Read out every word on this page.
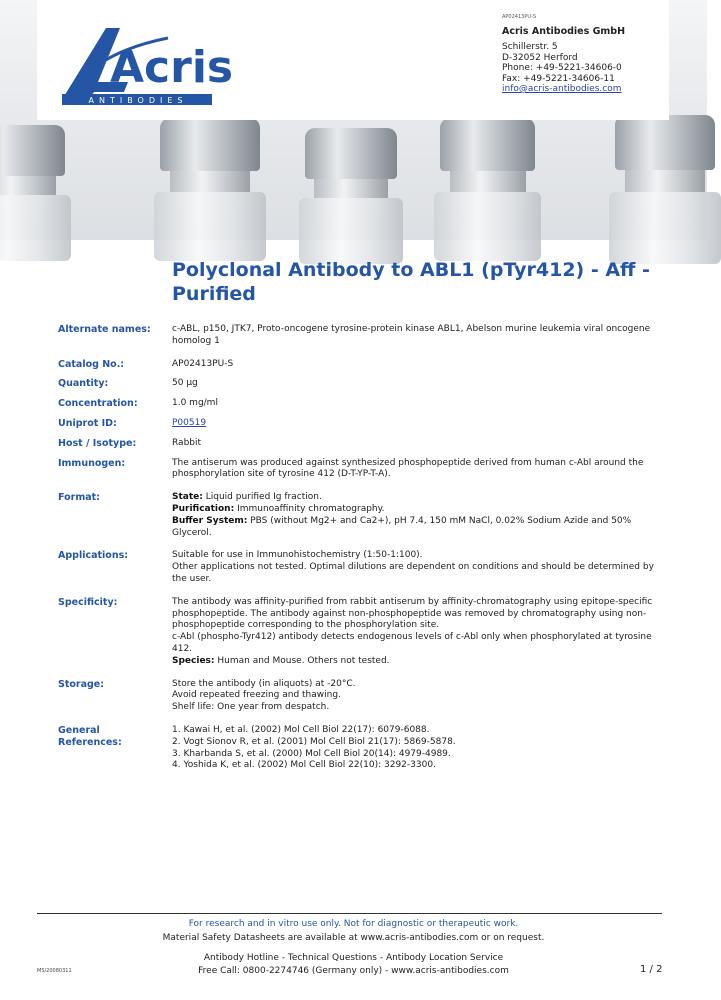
Acris
ANTIBODIES
AP02413PU-S
Acris Antibodies GmbH
Schillerstr. 5
D-32052 Herford
Phone: +49-5221-34606-0
Fax: +49-5221-34606-11
info@acris-antibodies.com
Polyclonal Antibody to ABL1 (pTyr412) - Aff - Purified
Alternate names:	c-ABL, p150, JTK7, Proto-oncogene tyrosine-protein kinase ABL1, Abelson murine leukemia viral oncogene homolog 1
Catalog No.:	AP02413PU-S
Quantity:	50 µg
Concentration:	1.0 mg/ml
Uniprot ID:	P00519
Host / Isotype:	Rabbit
Immunogen:	The antiserum was produced against synthesized phosphopeptide derived from human c-Abl around the phosphorylation site of tyrosine 412 (D-T-YP-T-A).
Format:	State: Liquid purified Ig fraction.
Purification: Immunoaffinity chromatography.
Buffer System: PBS (without Mg2+ and Ca2+), pH 7.4, 150 mM NaCl, 0.02% Sodium Azide and 50% Glycerol.
Applications:	Suitable for use in Immunohistochemistry (1:50-1:100).
Other applications not tested. Optimal dilutions are dependent on conditions and should be determined by the user.
Specificity:	The antibody was affinity-purified from rabbit antiserum by affinity-chromatography using epitope-specific phosphopeptide. The antibody against non-phosphopeptide was removed by chromatography using non-phosphopeptide corresponding to the phosphorylation site.
c-Abl (phospho-Tyr412) antibody detects endogenous levels of c-Abl only when phosphorylated at tyrosine 412.
Species: Human and Mouse. Others not tested.
Storage:	Store the antibody (in aliquots) at -20°C.
Avoid repeated freezing and thawing.
Shelf life: One year from despatch.
General
References:
1. Kawai H, et al. (2002) Mol Cell Biol 22(17): 6079-6088.
2. Vogt Sionov R, et al. (2001) Mol Cell Biol 21(17): 5869-5878.
3. Kharbanda S, et al. (2000) Mol Cell Biol 20(14): 4979-4989.
4. Yoshida K, et al. (2002) Mol Cell Biol 22(10): 3292-3300.
For research and in vitro use only. Not for diagnostic or therapeutic work.
Material Safety Datasheets are available at www.acris-antibodies.com or on request.
Antibody Hotline - Technical Questions - Antibody Location Service
Free Call: 0800-2274746 (Germany only) - www.acris-antibodies.com
MS/20080311	1 / 2
